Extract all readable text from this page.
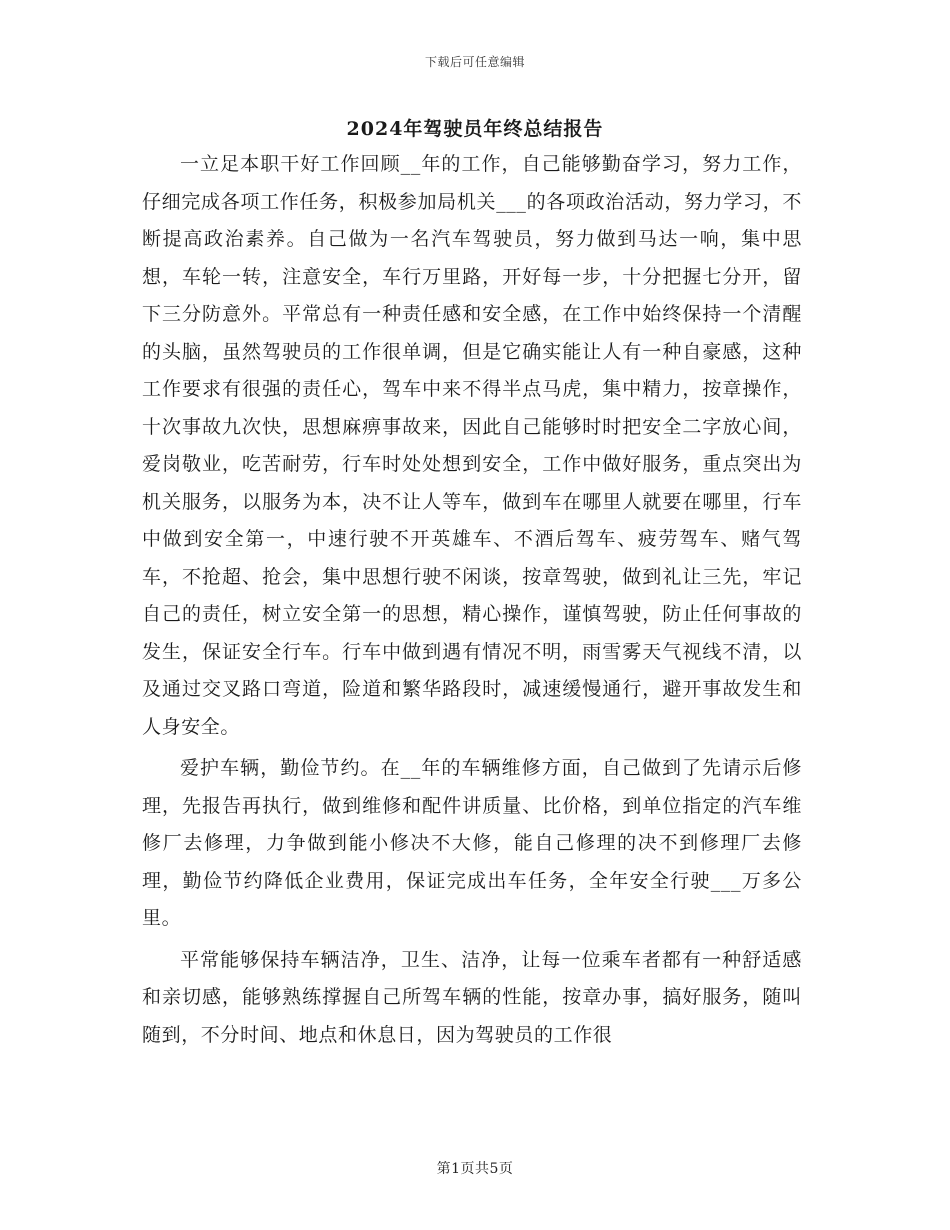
下载后可任意编辑
2024年驾驶员年终总结报告

一立足本职干好工作回顾__年的工作，自己能够勤奋学习，努力工作，仔细完成各项工作任务，积极参加局机关___的各项政治活动，努力学习，不断提高政治素养。自己做为一名汽车驾驶员，努力做到马达一响，集中思想，车轮一转，注意安全，车行万里路，开好每一步，十分把握七分开，留下三分防意外。平常总有一种责任感和安全感，在工作中始终保持一个清醒的头脑，虽然驾驶员的工作很单调，但是它确实能让人有一种自豪感，这种工作要求有很强的责任心，驾车中来不得半点马虎，集中精力，按章操作，十次事故九次快，思想麻痹事故来，因此自己能够时时把安全二字放心间，爱岗敬业，吃苦耐劳，行车时处处想到安全，工作中做好服务，重点突出为机关服务，以服务为本，决不让人等车，做到车在哪里人就要在哪里，行车中做到安全第一，中速行驶不开英雄车、不酒后驾车、疲劳驾车、赌气驾车，不抢超、抢会，集中思想行驶不闲谈，按章驾驶，做到礼让三先，牢记自己的责任，树立安全第一的思想，精心操作，谨慎驾驶，防止任何事故的发生，保证安全行车。行车中做到遇有情况不明，雨雪雾天气视线不清，以及通过交叉路口弯道，险道和繁华路段时，减速缓慢通行，避开事故发生和人身安全。

爱护车辆，勤俭节约。在__年的车辆维修方面，自己做到了先请示后修理，先报告再执行，做到维修和配件讲质量、比价格，到单位指定的汽车维修厂去修理，力争做到能小修决不大修，能自己修理的决不到修理厂去修理，勤俭节约降低企业费用，保证完成出车任务，全年安全行驶___万多公里。

平常能够保持车辆洁净，卫生、洁净，让每一位乘车者都有一种舒适感和亲切感，能够熟练撑握自己所驾车辆的性能，按章办事，搞好服务，随叫随到，不分时间、地点和休息日，因为驾驶员的工作很

第1页共5页
